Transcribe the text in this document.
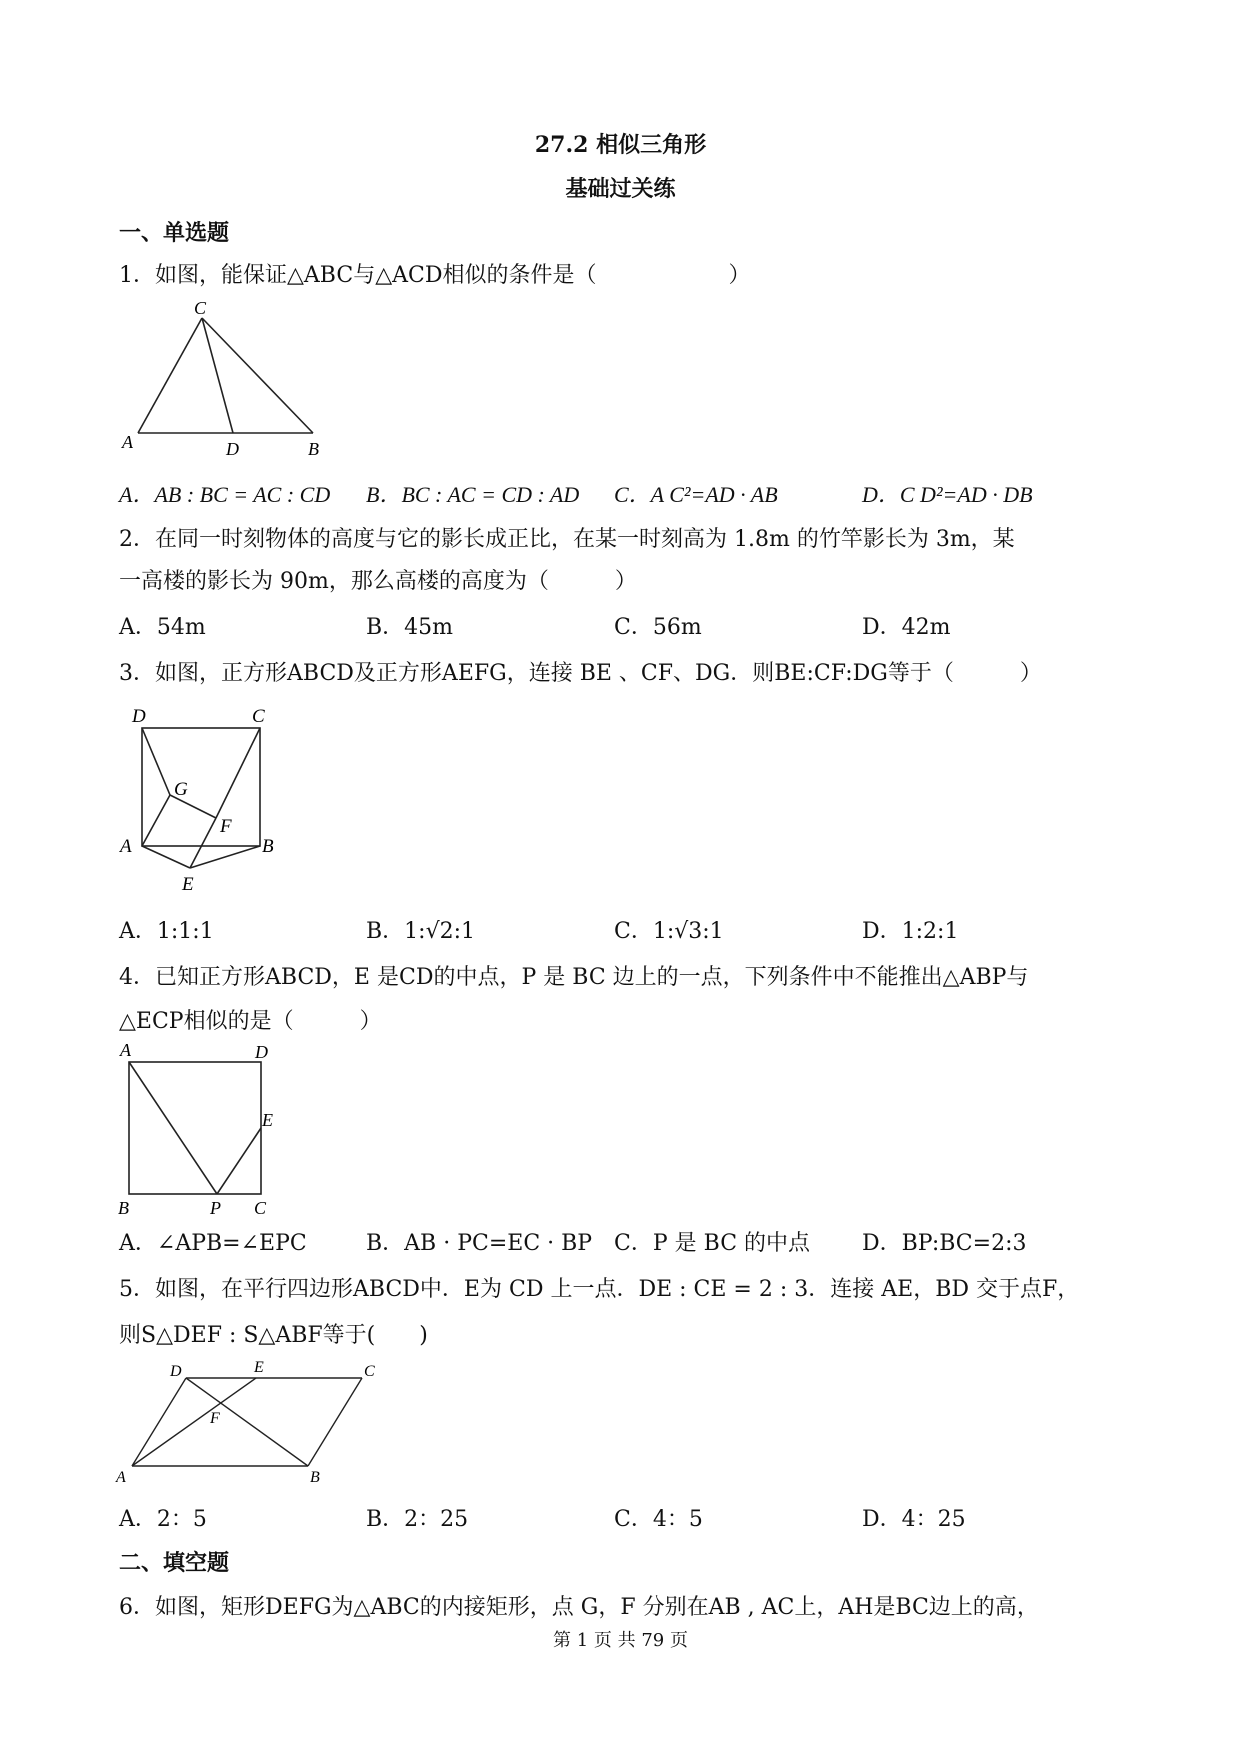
27.2 相似三角形
基础过关练
一、单选题
1．如图，能保证△ABC与△ACD相似的条件是（　　　　　　）
C
A	D	B
A．AB : BC = AC : CD B．BC : AC = CD : AD C．A C²=AD · AB	D．C D²=AD · DB
2．在同一时刻物体的高度与它的影长成正比，在某一时刻高为 1.8m 的竹竿影长为 3m，某
一高楼的影长为 90m，那么高楼的高度为（　　　）
A．54m	B．45m	C．56m	D．42m
3．如图，正方形ABCD及正方形AEFG，连接 BE 、CF、DG．则BE:CF:DG等于（　　　）
D	C
G
F
A	B
E
A．1:1:1	B．1:√2:1	C．1:√3:1	D．1:2:1
4．已知正方形ABCD，E 是CD的中点，P 是 BC 边上的一点，下列条件中不能推出△ABP与
△ECP相似的是（　　　）
A	D
E
B	P C
A．∠APB=∠EPC	B．AB · PC=EC · BP C．P 是 BC 的中点 D．BP:BC=2:3
5．如图，在平行四边形ABCD中．E为 CD 上一点．DE : CE = 2 : 3．连接 AE，BD 交于点F，
则S△DEF : S△ABF等于(　　)
D	E	C
F
A	B
A．2：5	B．2：25	C．4：5	D．4：25
二、填空题
6．如图，矩形DEFG为△ABC的内接矩形，点 G，F 分别在AB , AC上，AH是BC边上的高，
第 1 页 共 79 页
